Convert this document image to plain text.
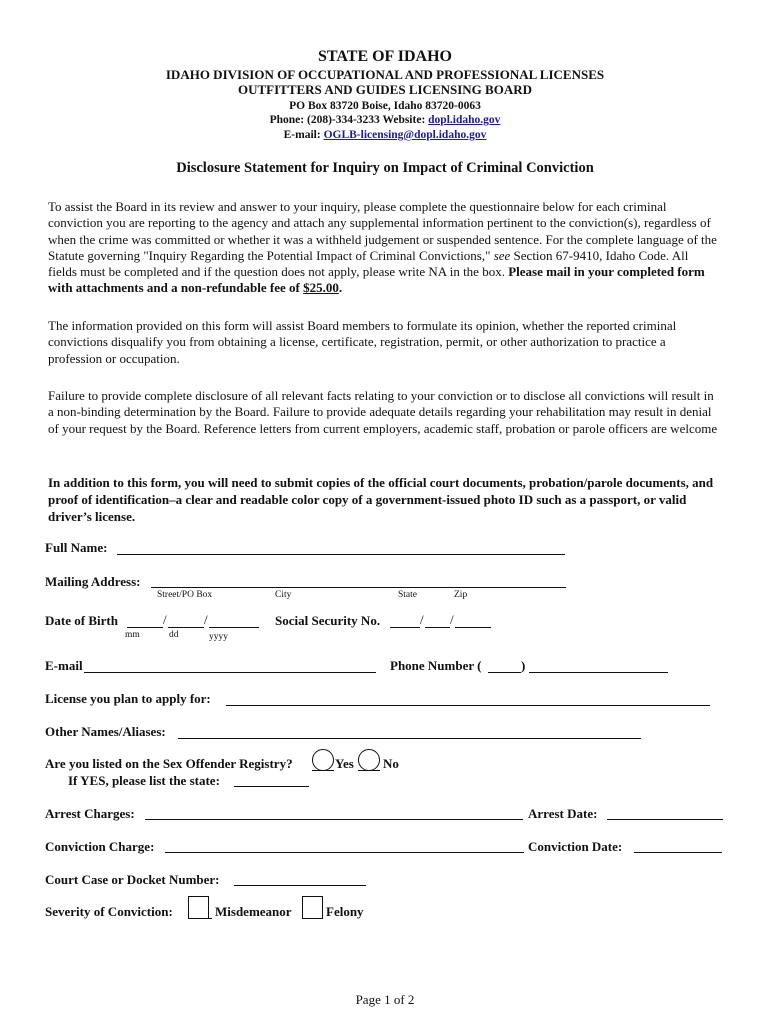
STATE OF IDAHO
IDAHO DIVISION OF OCCUPATIONAL AND PROFESSIONAL LICENSES
OUTFITTERS AND GUIDES LICENSING BOARD
PO Box 83720 Boise, Idaho 83720-0063
Phone: (208)-334-3233 Website: dopl.idaho.gov
E-mail: OGLB-licensing@dopl.idaho.gov
Disclosure Statement for Inquiry on Impact of Criminal Conviction
To assist the Board in its review and answer to your inquiry, please complete the questionnaire below for each criminal conviction you are reporting to the agency and attach any supplemental information pertinent to the conviction(s), regardless of when the crime was committed or whether it was a withheld judgement or suspended sentence. For the complete language of the Statute governing "Inquiry Regarding the Potential Impact of Criminal Convictions," see Section 67-9410, Idaho Code. All fields must be completed and if the question does not apply, please write NA in the box. Please mail in your completed form with attachments and a non-refundable fee of $25.00.
The information provided on this form will assist Board members to formulate its opinion, whether the reported criminal convictions disqualify you from obtaining a license, certificate, registration, permit, or other authorization to practice a profession or occupation.
Failure to provide complete disclosure of all relevant facts relating to your conviction or to disclose all convictions will result in a non-binding determination by the Board. Failure to provide adequate details regarding your rehabilitation may result in denial of your request by the Board. Reference letters from current employers, academic staff, probation or parole officers are welcome
In addition to this form, you will need to submit copies of the official court documents, probation/parole documents, and proof of identification–a clear and readable color copy of a government-issued photo ID such as a passport, or valid driver’s license.
Full Name:
Mailing Address:
Street/PO Box	City	State	Zip
Date of Birth	/	/
mm	dd	yyyy
Social Security No.	/ /
E-mail	Phone Number (	)
License you plan to apply for:
Other Names/Aliases:
Are you listed on the Sex Offender Registry?	Yes No
If YES, please list the state:
Arrest Charges:	Arrest Date:
Conviction Charge:	Conviction Date:
Court Case or Docket Number:
Severity of Conviction:	Misdemeanor	Felony
Page 1 of 2
